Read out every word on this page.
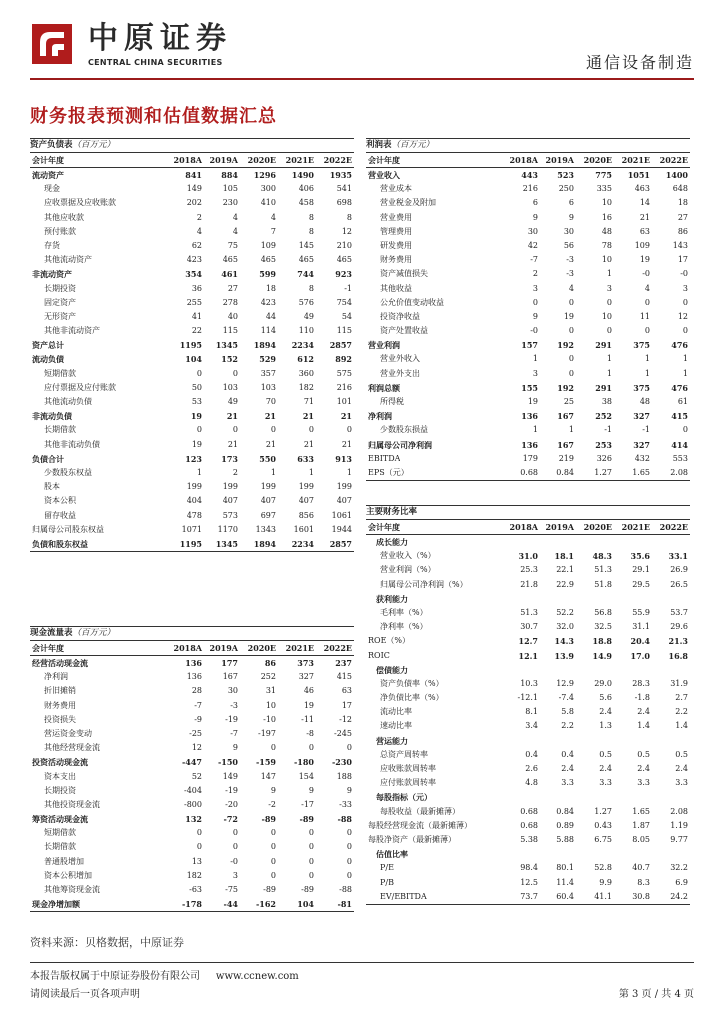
中原证券
CENTRAL CHINA SECURITIES	通信设备制造
财务报表预测和估值数据汇总
资产负债表（百万元）
会计年度	2018A 2019A	2020E	2021E	2022E
流动资产	841	884	1296	1490	1935
现金	149	105	300	406	541
应收票据及应收账款	202	230	410	458	698
其他应收款	2	4	4	8	8
预付账款	4	4	7	8	12
存货	62	75	109	145	210
其他流动资产	423	465	465	465	465
非流动资产	354	461	599	744	923
长期投资	36	27	18	8	-1
固定资产	255	278	423	576	754
无形资产	41	40	44	49	54
其他非流动资产	22	115	114	110	115
资产总计	1195	1345	1894	2234	2857
流动负债	104	152	529	612	892
短期借款	0	0	357	360	575
应付票据及应付账款	50	103	103	182	216
其他流动负债	53	49	70	71	101
非流动负债	19	21	21	21	21
长期借款	0	0	0	0	0
其他非流动负债	19	21	21	21	21
负债合计	123	173	550	633	913
少数股东权益	1	2	1	1	1
股本	199	199	199	199	199
资本公积	404	407	407	407	407
留存收益	478	573	697	856	1061
归属母公司股东权益	1071	1170	1343	1601	1944
负债和股东权益	1195	1345	1894	2234	2857
现金流量表（百万元）
会计年度	2018A 2019A	2020E	2021E	2022E
经营活动现金流	136	177	86	373	237
净利润	136	167	252	327	415
折旧摊销	28	30	31	46	63
财务费用	-7	-3	10	19	17
投资损失	-9	-19	-10	-11	-12
营运资金变动	-25	-7	-197	-8	-245
其他经营现金流	12	9	0	0	0
投资活动现金流	-447	-150	-159	-180	-230
资本支出	52	149	147	154	188
长期投资	-404	-19	9	9	9
其他投资现金流	-800	-20	-2	-17	-33
筹资活动现金流	132	-72	-89	-89	-88
短期借款	0	0	0	0	0
长期借款	0	0	0	0	0
普通股增加	13	-0	0	0	0
资本公积增加	182	3	0	0	0
其他筹资现金流	-63	-75	-89	-89	-88
现金净增加额	-178	-44	-162	104	-81
利润表（百万元）
会计年度	2018A 2019A	2020E	2021E	2022E
营业收入	443	523	775	1051	1400
营业成本	216	250	335	463	648
营业税金及附加	6	6	10	14	18
营业费用	9	9	16	21	27
管理费用	30	30	48	63	86
研发费用	42	56	78	109	143
财务费用	-7	-3	10	19	17
资产减值损失	2	-3	1	-0	-0
其他收益	3	4	3	4	3
公允价值变动收益	0	0	0	0	0
投资净收益	9	19	10	11	12
资产处置收益	-0	0	0	0	0
营业利润	157	192	291	375	476
营业外收入	1	0	1	1	1
营业外支出	3	0	1	1	1
利润总额	155	192	291	375	476
所得税	19	25	38	48	61
净利润	136	167	252	327	415
少数股东损益	1	1	-1	-1	0
归属母公司净利润	136	167	253	327	414
EBITDA	179	219	326	432	553
EPS（元）	0.68	0.84	1.27	1.65	2.08
主要财务比率
会计年度	2018A 2019A	2020E	2021E	2022E
成长能力
营业收入（%）	31.0	18.1	48.3	35.6	33.1
营业利润（%）	25.3	22.1	51.3	29.1	26.9
归属母公司净利润（%）	21.8	22.9	51.8	29.5	26.5
获利能力
毛利率（%）	51.3	52.2	56.8	55.9	53.7
净利率（%）	30.7	32.0	32.5	31.1	29.6
ROE（%）	12.7	14.3	18.8	20.4	21.3
ROIC	12.1	13.9	14.9	17.0	16.8
偿债能力
资产负债率（%）	10.3	12.9	29.0	28.3	31.9
净负债比率（%）	-12.1	-7.4	5.6	-1.8	2.7
流动比率	8.1	5.8	2.4	2.4	2.2
速动比率	3.4	2.2	1.3	1.4	1.4
营运能力
总资产周转率	0.4	0.4	0.5	0.5	0.5
应收账款周转率	2.6	2.4	2.4	2.4	2.4
应付账款周转率	4.8	3.3	3.3	3.3	3.3
每股指标（元）
每股收益（最新摊薄）	0.68	0.84	1.27	1.65	2.08
每股经营现金流（最新摊薄）	0.68	0.89	0.43	1.87	1.19
每股净资产（最新摊薄）	5.38	5.88	6.75	8.05	9.77
估值比率
P/E	98.4	80.1	52.8	40.7	32.2
P/B	12.5	11.4	9.9	8.3	6.9
EV/EBITDA	73.7	60.4	41.1	30.8	24.2
资料来源：贝格数据，中原证券
本报告版权属于中原证券股份有限公司 www.ccnew.com
请阅读最后一页各项声明	第 3 页 / 共 4 页
